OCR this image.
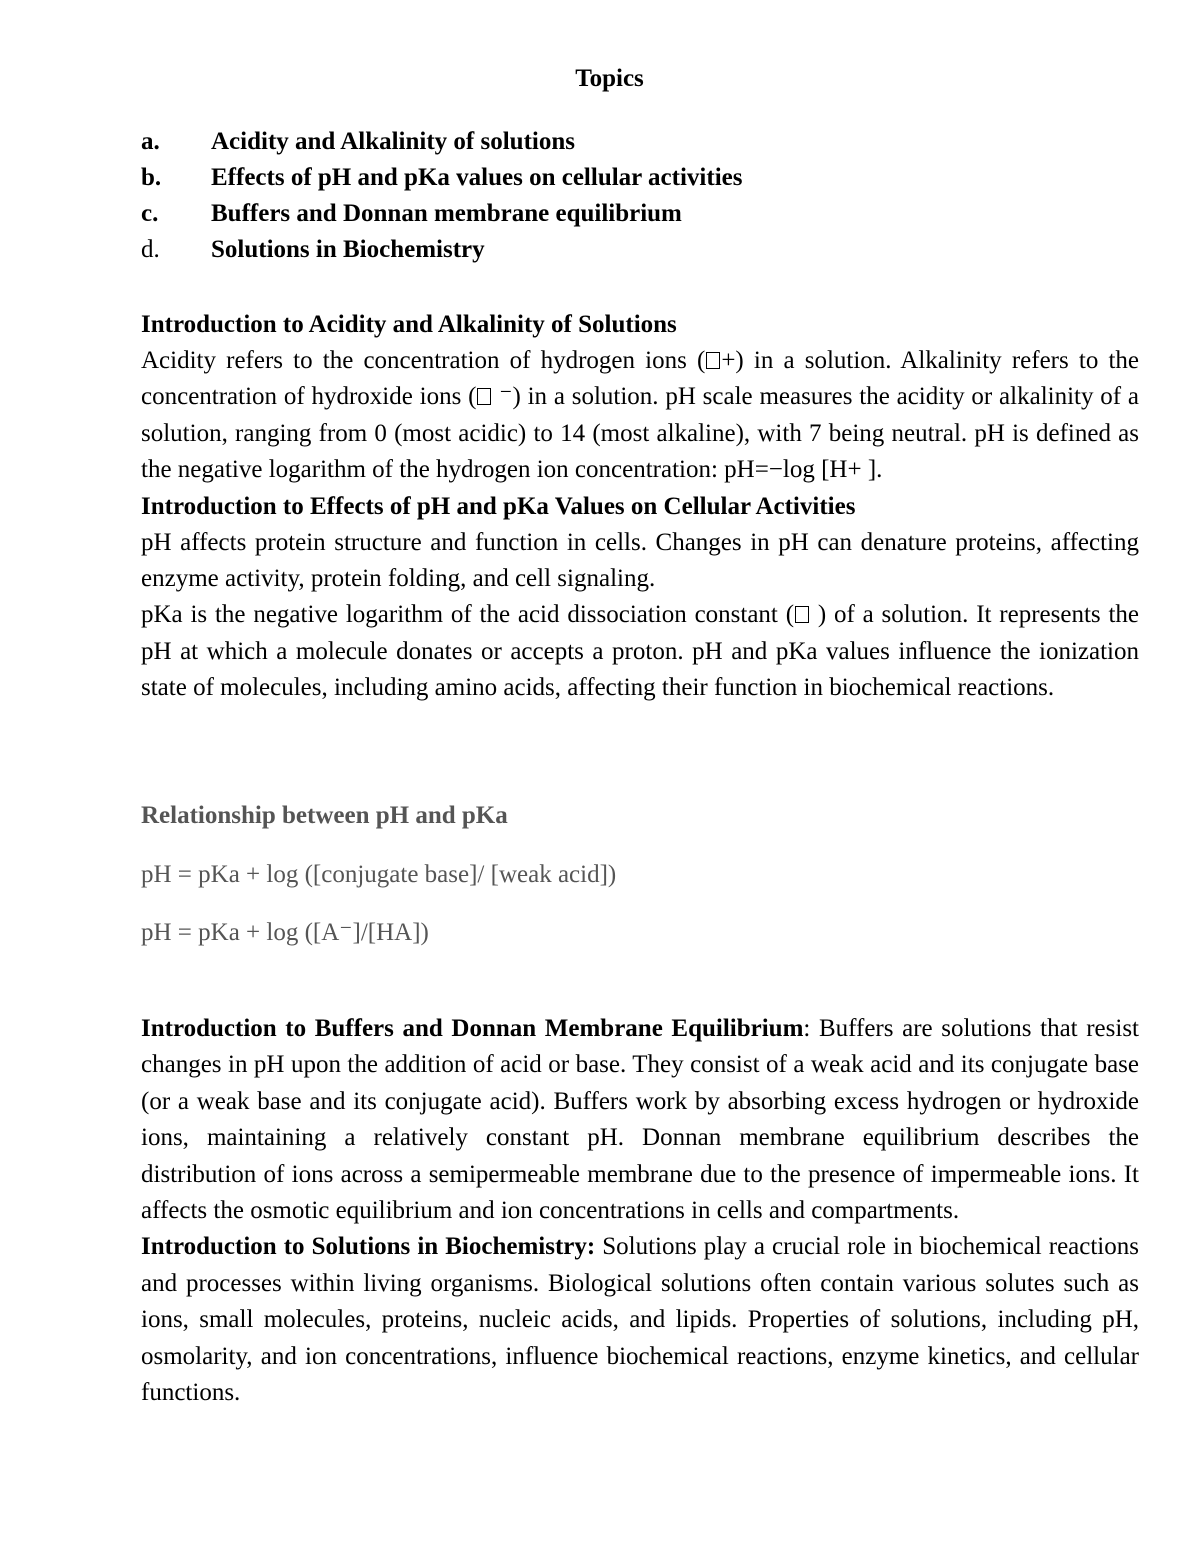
Topics
a. Acidity and Alkalinity of solutions
b. Effects of pH and pKa values on cellular activities
c. Buffers and Donnan membrane equilibrium
d. Solutions in Biochemistry
Introduction to Acidity and Alkalinity of Solutions
Acidity refers to the concentration of hydrogen ions ( +) in a solution. Alkalinity refers to the concentration of hydroxide ions ( ⁻) in a solution. pH scale measures the acidity or alkalinity of a solution, ranging from 0 (most acidic) to 14 (most alkaline), with 7 being neutral. pH is defined as the negative logarithm of the hydrogen ion concentration: pH=−log [H+ ].
Introduction to Effects of pH and pKa Values on Cellular Activities
pH affects protein structure and function in cells. Changes in pH can denature proteins, affecting enzyme activity, protein folding, and cell signaling.
pKa is the negative logarithm of the acid dissociation constant ( ) of a solution. It represents the pH at which a molecule donates or accepts a proton. pH and pKa values influence the ionization state of molecules, including amino acids, affecting their function in biochemical reactions.
Relationship between pH and pKa
pH = pKa + log ([conjugate base]/ [weak acid])
pH = pKa + log ([A⁻]/[HA])
Introduction to Buffers and Donnan Membrane Equilibrium: Buffers are solutions that resist changes in pH upon the addition of acid or base. They consist of a weak acid and its conjugate base (or a weak base and its conjugate acid). Buffers work by absorbing excess hydrogen or hydroxide ions, maintaining a relatively constant pH. Donnan membrane equilibrium describes the distribution of ions across a semipermeable membrane due to the presence of impermeable ions. It affects the osmotic equilibrium and ion concentrations in cells and compartments.
Introduction to Solutions in Biochemistry: Solutions play a crucial role in biochemical reactions and processes within living organisms. Biological solutions often contain various solutes such as ions, small molecules, proteins, nucleic acids, and lipids. Properties of solutions, including pH, osmolarity, and ion concentrations, influence biochemical reactions, enzyme kinetics, and cellular functions.
